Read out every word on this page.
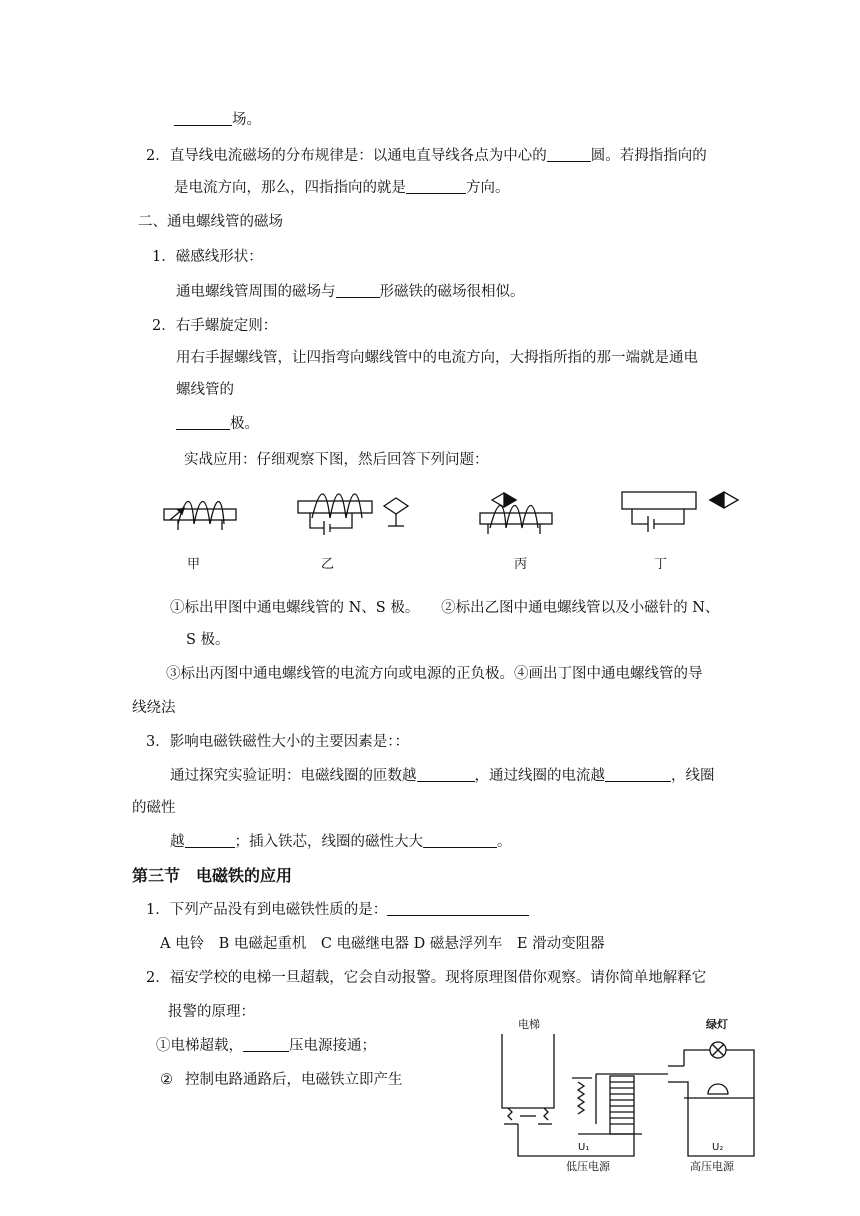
场。
2．直导线电流磁场的分布规律是：以通电直导线各点为中心的	圆。若拇指指向的
是电流方向，那么，四指指向的就是	方向。
二、通电螺线管的磁场
1．磁感线形状：
通电螺线管周围的磁场与	形磁铁的磁场很相似。
2．右手螺旋定则：
用右手握螺线管，让四指弯向螺线管中的电流方向，大拇指所指的那一端就是通电
螺线管的
极。
实战应用：仔细观察下图，然后回答下列问题：
甲	乙	丙	丁
①标出甲图中通电螺线管的 N、S 极。　　②标出乙图中通电螺线管以及小磁针的 N、
S 极。
③标出丙图中通电螺线管的电流方向或电源的正负极。④画出丁图中通电螺线管的导
线绕法
3．影响电磁铁磁性大小的主要因素是：：
通过探究实验证明：电磁线圈的匝数越	，通过线圈的电流越	，线圈
的磁性
越	；插入铁芯，线圈的磁性大大	。
第三节　电磁铁的应用
1．下列产品没有到电磁铁性质的是：
A 电铃　B 电磁起重机　C 电磁继电器 D 磁悬浮列车　E 滑动变阻器
2．福安学校的电梯一旦超载，它会自动报警。现将原理图借你观察。请你简单地解释它
报警的原理：
①电梯超载，	压电源接通；
② 控制电路通路后，电磁铁立即产生
电梯	绿灯
U₁	U₂
低压电源	高压电源
